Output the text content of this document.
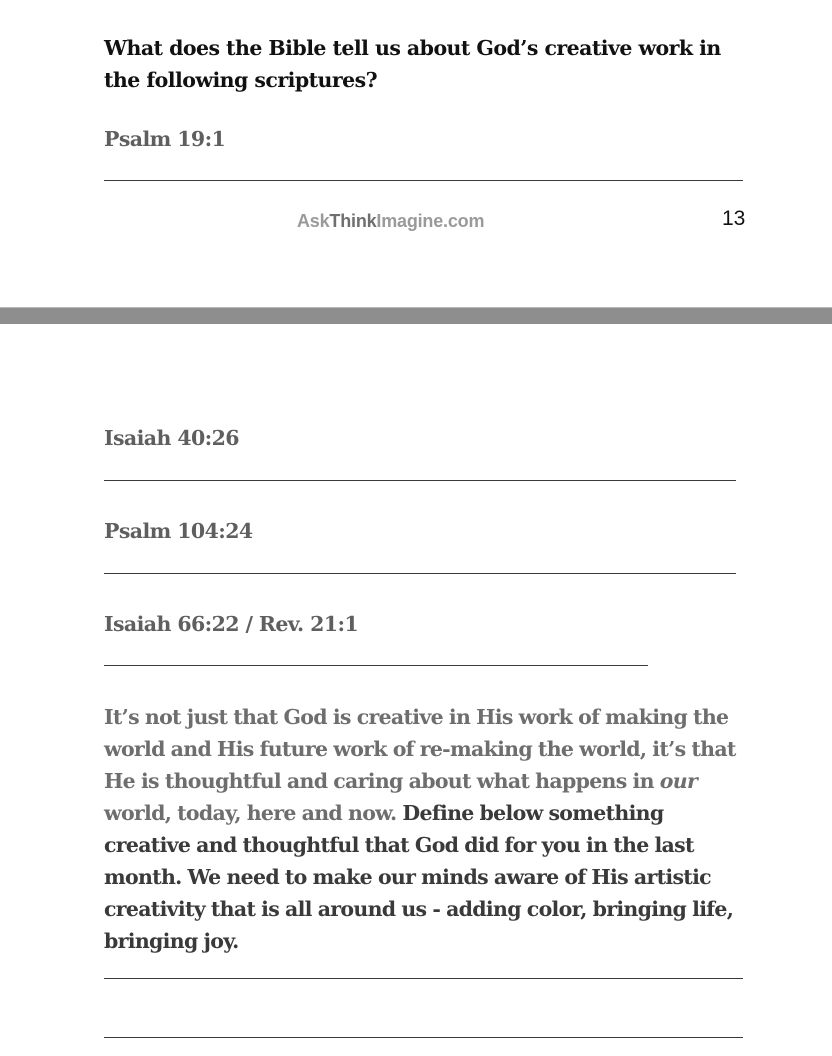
What does the Bible tell us about God’s creative work in the following scriptures?

Psalm 19:1

AskThinkImagine.com	13

Isaiah 40:26

Psalm 104:24

Isaiah 66:22 / Rev. 21:1

It’s not just that God is creative in His work of making the world and His future work of re-making the world, it’s that He is thoughtful and caring about what happens in our world, today, here and now. Define below something creative and thoughtful that God did for you in the last month. We need to make our minds aware of His artistic creativity that is all around us - adding color, bringing life, bringing joy.
